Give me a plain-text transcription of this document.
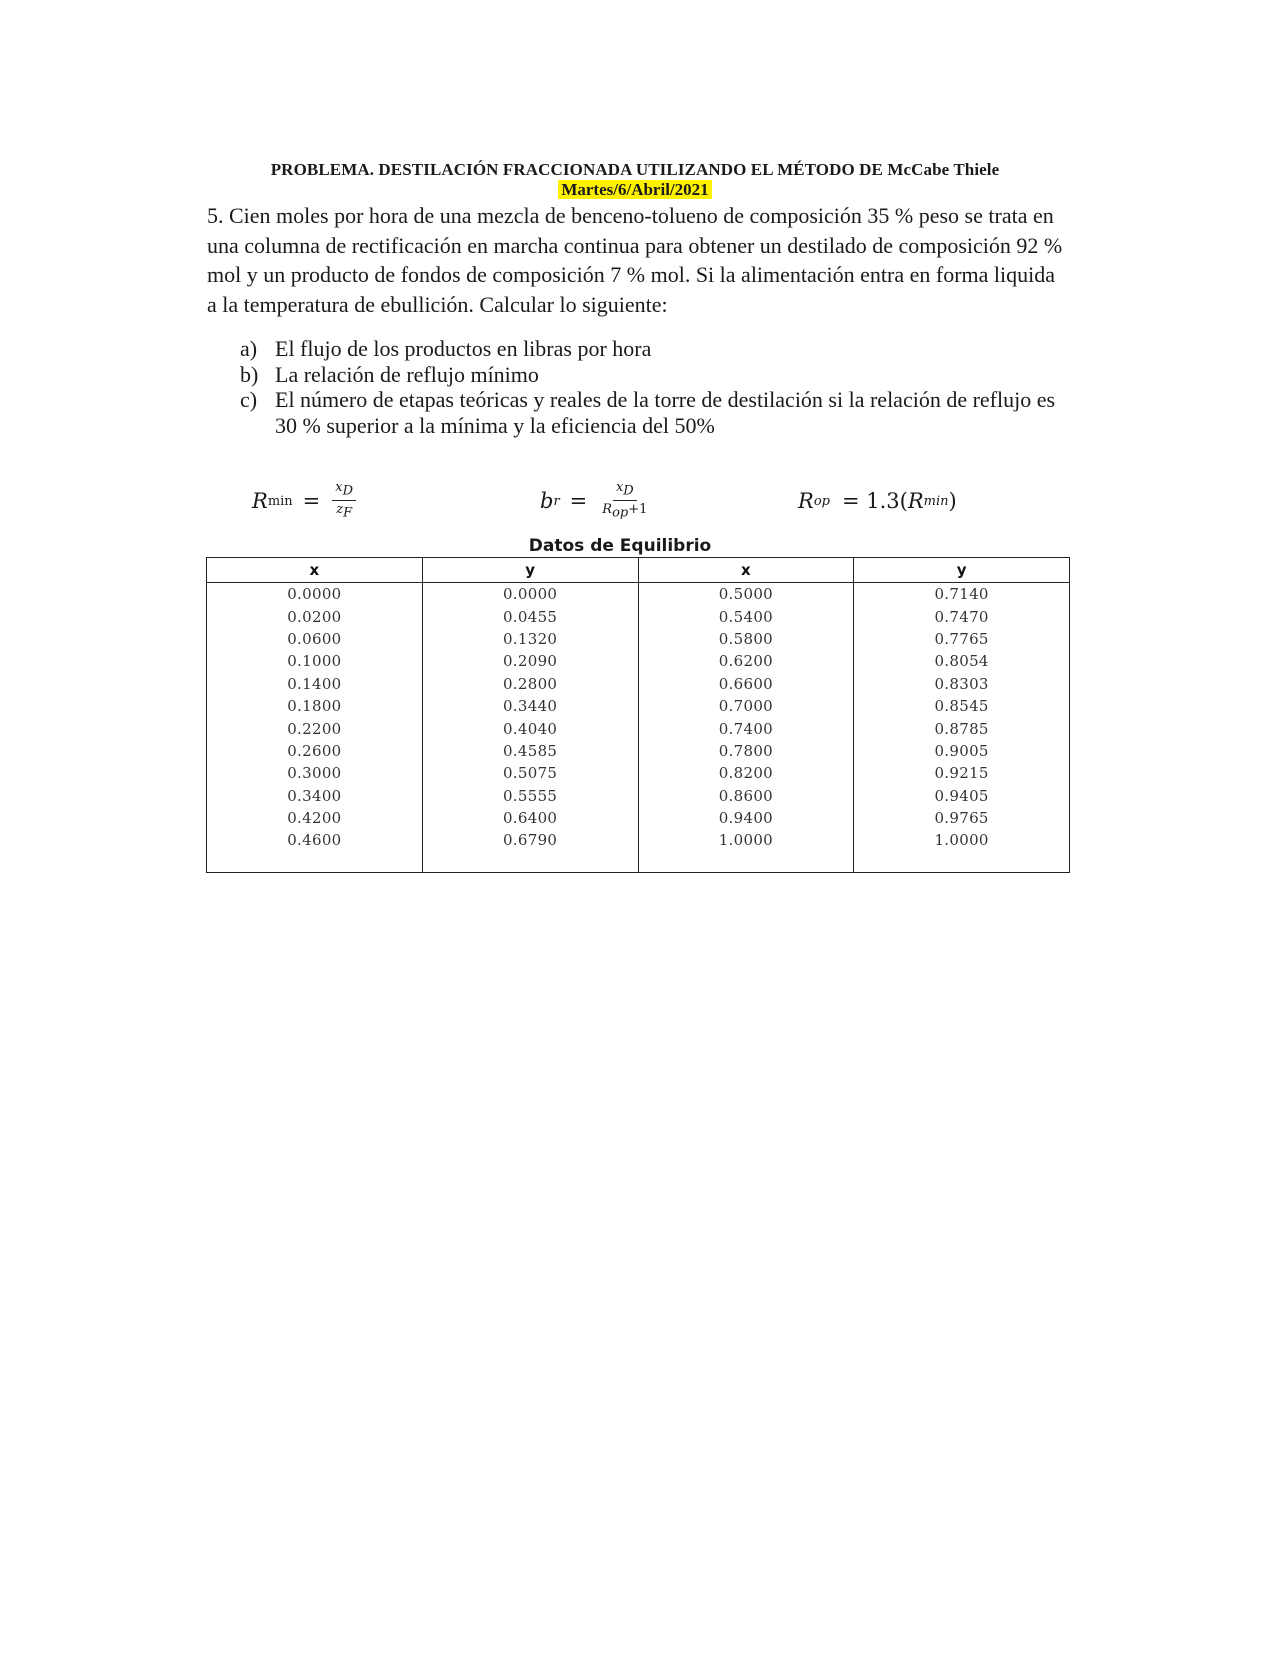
PROBLEMA. DESTILACIÓN FRACCIONADA UTILIZANDO EL MÉTODO DE McCabe Thiele
Martes/6/Abril/2021

5. Cien moles por hora de una mezcla de benceno-tolueno de composición 35 % peso se trata en una columna de rectificación en marcha continua para obtener un destilado de composición 92 % mol y un producto de fondos de composición 7 % mol. Si la alimentación entra en forma liquida a la temperatura de ebullición. Calcular lo siguiente:

a) El flujo de los productos en libras por hora
b) La relación de reflujo mínimo
c) El número de etapas teóricas y reales de la torre de destilación si la relación de reflujo es 30 % superior a la mínima y la eficiencia del 50%
R $\min = \frac{x_D}{z_F}$	b $r = \frac{x_D}{R_{op}+1}$	R op = 1.3( R min )
Datos de Equilibrio
x	y	x	y
0.0000	0.0000	0.5000	0.7140
0.0200	0.0455	0.5400	0.7470
0.0600	0.1320	0.5800	0.7765
0.1000	0.2090	0.6200	0.8054
0.1400	0.2800	0.6600	0.8303
0.1800	0.3440	0.7000	0.8545
0.2200	0.4040	0.7400	0.8785
0.2600	0.4585	0.7800	0.9005
0.3000	0.5075	0.8200	0.9215
0.3400	0.5555	0.8600	0.9405
0.4200	0.6400	0.9400	0.9765
0.4600	0.6790	1.0000	1.0000
